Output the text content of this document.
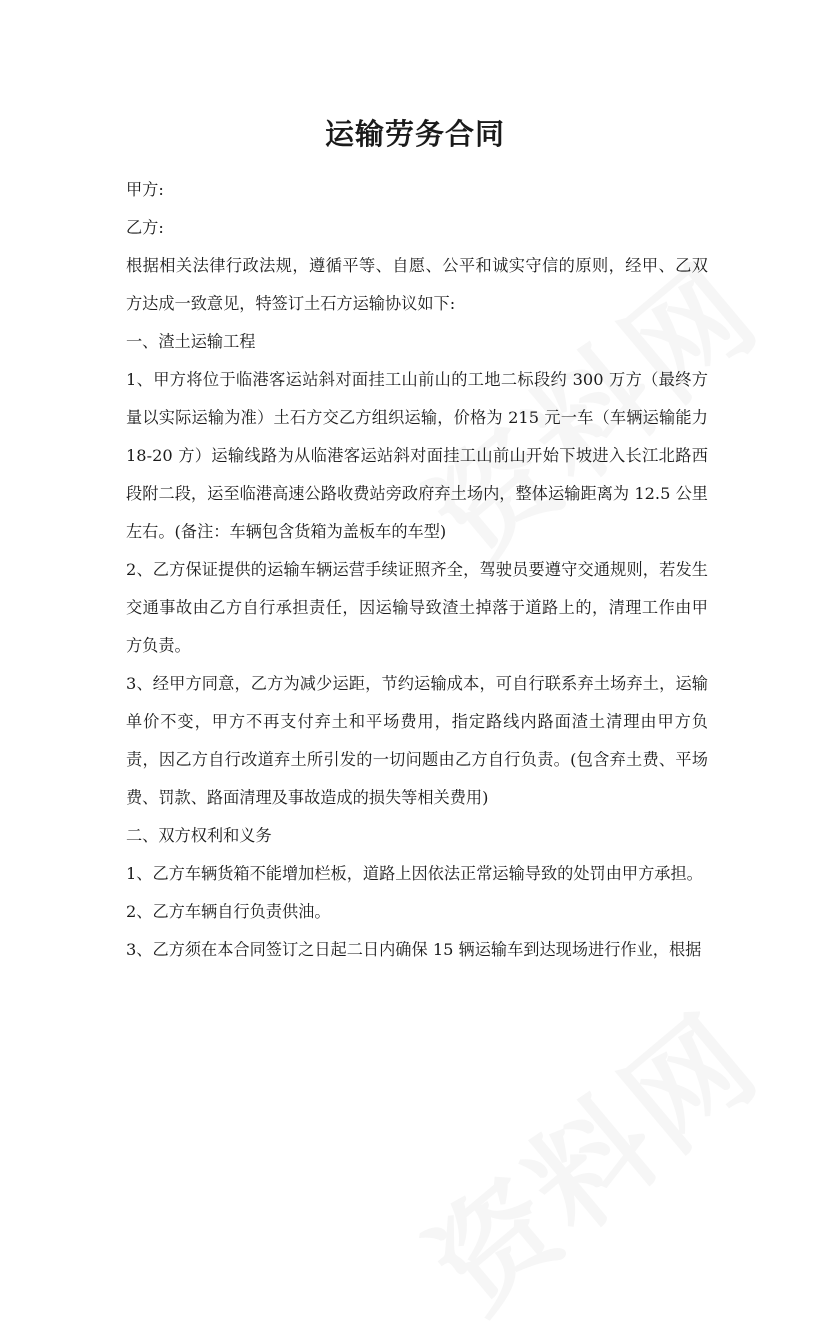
运输劳务合同

甲方:

乙方:

根据相关法律行政法规，遵循平等、自愿、公平和诚实守信的原则，经甲、乙双方达成一致意见，特签订土石方运输协议如下:

一、渣土运输工程

1、甲方将位于临港客运站斜对面挂工山前山的工地二标段约 300 万方（最终方量以实际运输为准）土石方交乙方组织运输，价格为 215 元一车（车辆运输能力 18-20 方）运输线路为从临港客运站斜对面挂工山前山开始下坡进入长江北路西段附二段，运至临港高速公路收费站旁政府弃土场内，整体运输距离为 12.5 公里左右。(备注：车辆包含货箱为盖板车的车型)

2、乙方保证提供的运输车辆运营手续证照齐全，驾驶员要遵守交通规则，若发生交通事故由乙方自行承担责任，因运输导致渣土掉落于道路上的，清理工作由甲方负责。

3、经甲方同意，乙方为减少运距，节约运输成本，可自行联系弃土场弃土，运输单价不变，甲方不再支付弃土和平场费用，指定路线内路面渣土清理由甲方负责，因乙方自行改道弃土所引发的一切问题由乙方自行负责。(包含弃土费、平场费、罚款、路面清理及事故造成的损失等相关费用)

二、双方权利和义务

1、乙方车辆货箱不能增加栏板，道路上因依法正常运输导致的处罚由甲方承担。

2、乙方车辆自行负责供油。

3、乙方须在本合同签订之日起二日内确保 15 辆运输车到达现场进行作业，根据
